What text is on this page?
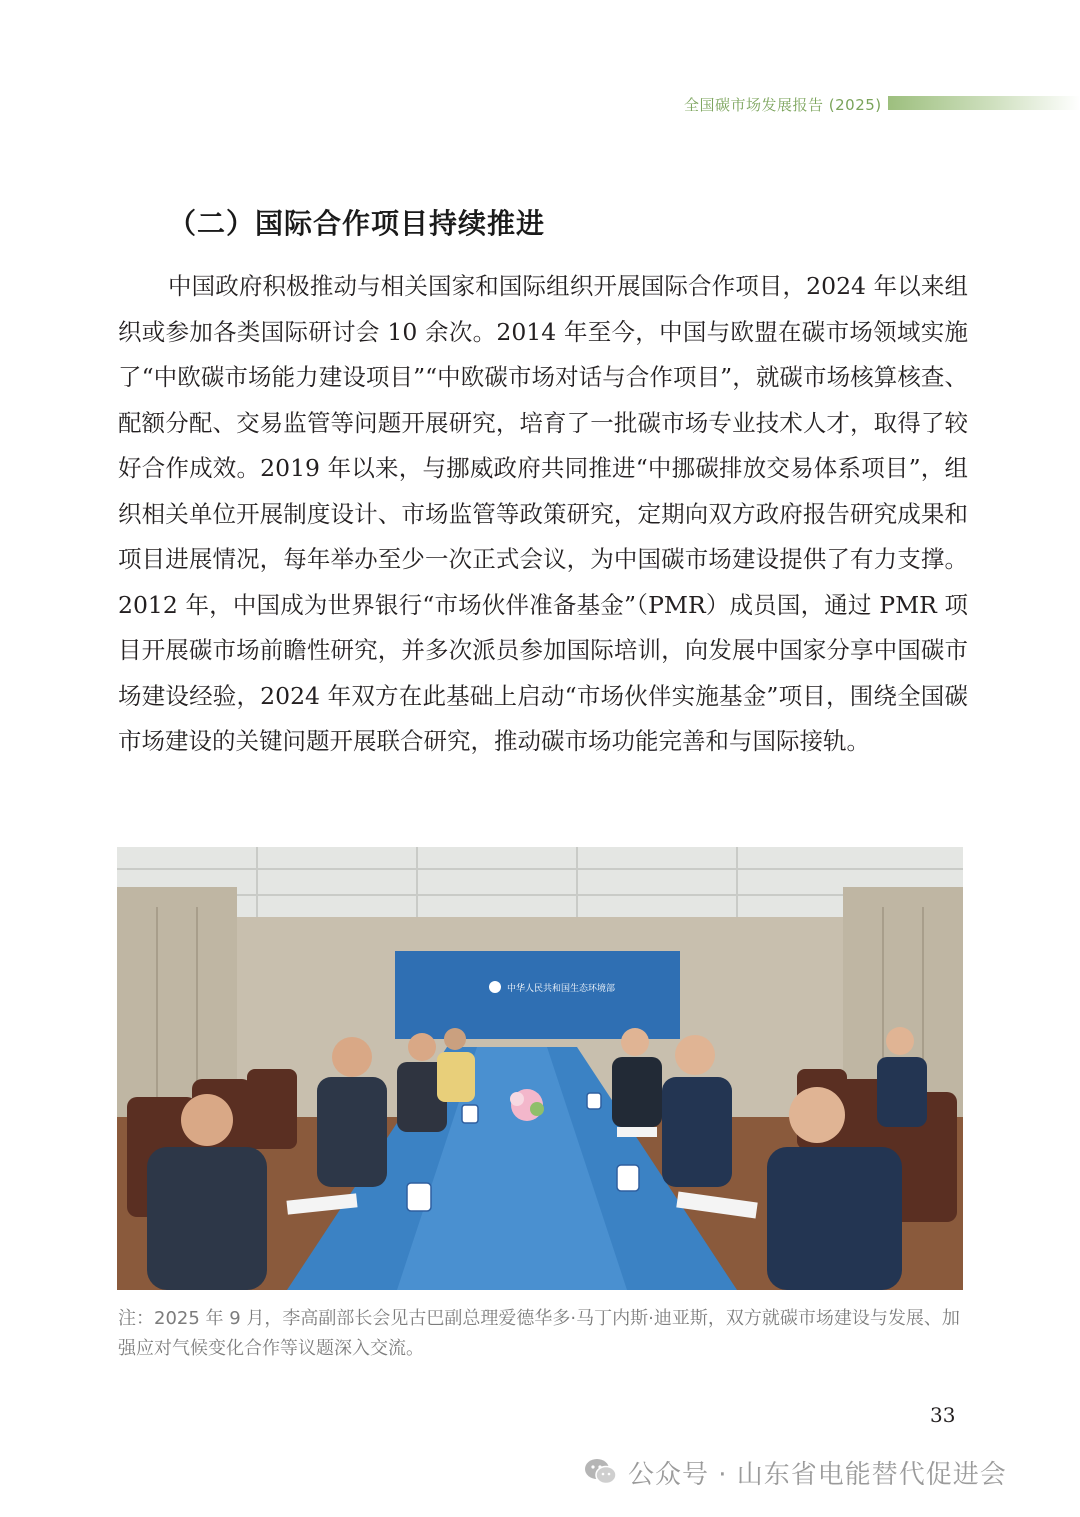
全国碳市场发展报告 (2025)
（二）国际合作项目持续推进

中国政府积极推动与相关国家和国际组织开展国际合作项目，2024 年以来组织或参加各类国际研讨会 10 余次。2014 年至今，中国与欧盟在碳市场领域实施了“中欧碳市场能力建设项目”“中欧碳市场对话与合作项目”，就碳市场核算核查、配额分配、交易监管等问题开展研究，培育了一批碳市场专业技术人才，取得了较好合作成效。2019 年以来，与挪威政府共同推进“中挪碳排放交易体系项目”，组织相关单位开展制度设计、市场监管等政策研究，定期向双方政府报告研究成果和项目进展情况，每年举办至少一次正式会议，为中国碳市场建设提供了有力支撑。2012 年，中国成为世界银行“市场伙伴准备基金”（PMR）成员国，通过 PMR 项目开展碳市场前瞻性研究，并多次派员参加国际培训，向发展中国家分享中国碳市场建设经验，2024 年双方在此基础上启动“市场伙伴实施基金”项目，围绕全国碳市场建设的关键问题开展联合研究，推动碳市场功能完善和与国际接轨。

中华人民共和国生态环境部

注：2025 年 9 月，李高副部长会见古巴副总理爱德华多·马丁内斯·迪亚斯，双方就碳市场建设与发展、加强应对气候变化合作等议题深入交流。

33
公众号 · 山东省电能替代促进会
